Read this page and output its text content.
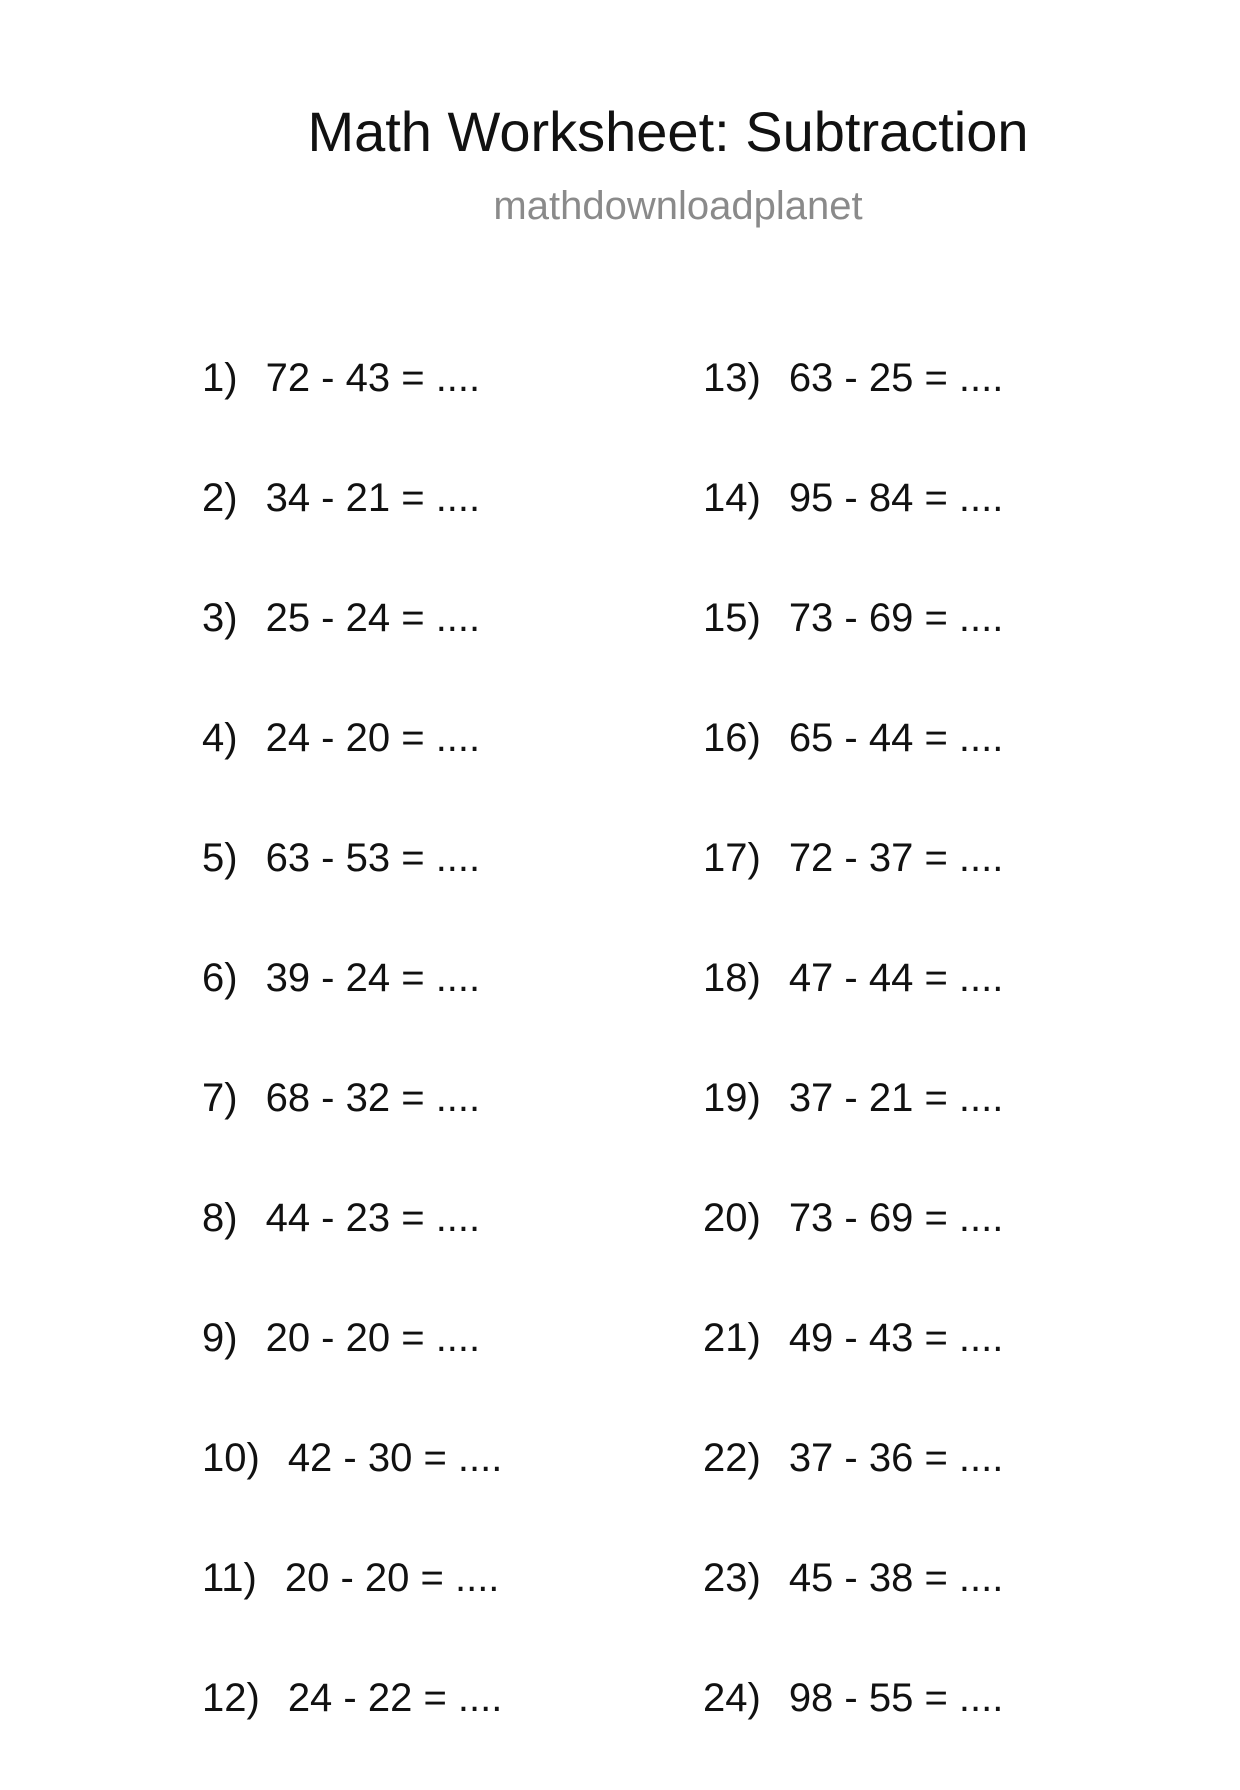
Math Worksheet: Subtraction
mathdownloadplanet
1) 72 - 43 = ....
2) 34 - 21 = ....
3) 25 - 24 = ....
4) 24 - 20 = ....
5) 63 - 53 = ....
6) 39 - 24 = ....
7) 68 - 32 = ....
8) 44 - 23 = ....
9) 20 - 20 = ....
10) 42 - 30 = ....
11) 20 - 20 = ....
12) 24 - 22 = ....
13) 63 - 25 = ....
14) 95 - 84 = ....
15) 73 - 69 = ....
16) 65 - 44 = ....
17) 72 - 37 = ....
18) 47 - 44 = ....
19) 37 - 21 = ....
20) 73 - 69 = ....
21) 49 - 43 = ....
22) 37 - 36 = ....
23) 45 - 38 = ....
24) 98 - 55 = ....
